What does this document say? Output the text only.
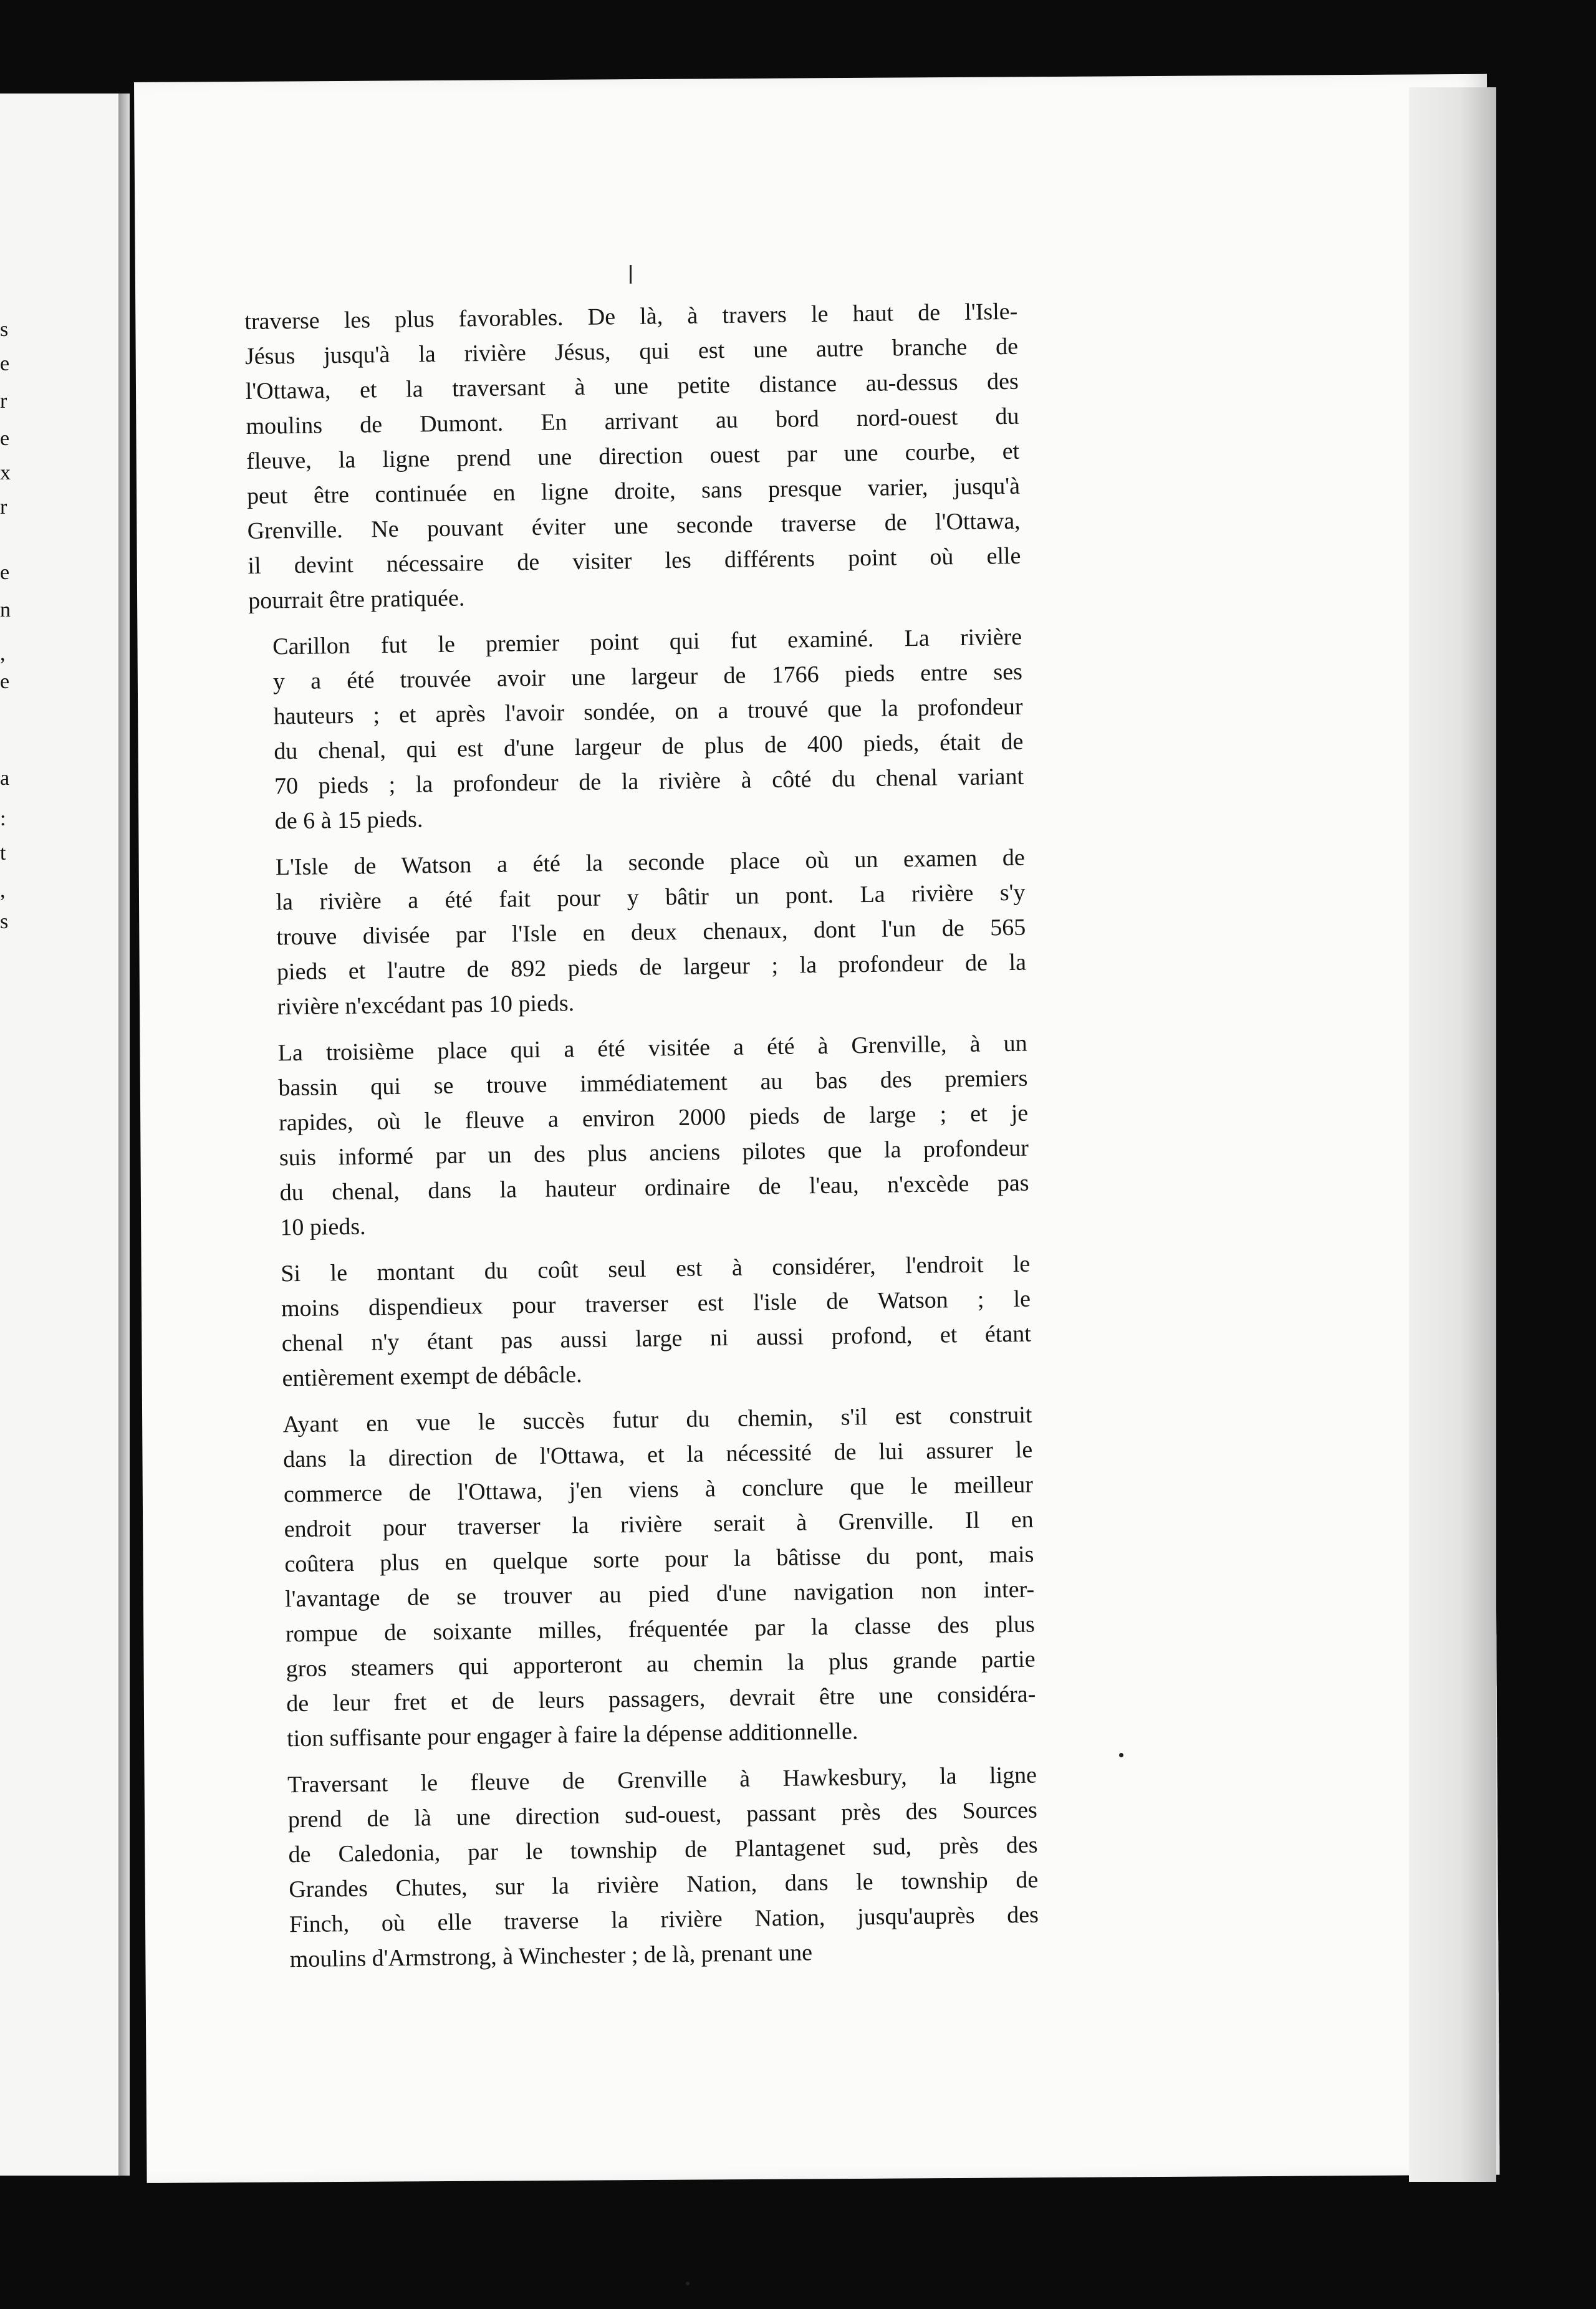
s
e
r
e
x
r
e
n
,
e
a
:
t
,
s
traverse les plus favorables. De là, à travers le haut de l'Isle-
Jésus jusqu'à la rivière Jésus, qui est une autre branche de
l'Ottawa, et la traversant à une petite distance au-dessus des
moulins de Dumont. En arrivant au bord nord-ouest du
fleuve, la ligne prend une direction ouest par une courbe, et
peut être continuée en ligne droite, sans presque varier, jusqu'à
Grenville. Ne pouvant éviter une seconde traverse de l'Ottawa,
il devint nécessaire de visiter les différents point où elle
pourrait être pratiquée.
Carillon fut le premier point qui fut examiné. La rivière
y a été trouvée avoir une largeur de 1766 pieds entre ses
hauteurs ; et après l'avoir sondée, on a trouvé que la profondeur
du chenal, qui est d'une largeur de plus de 400 pieds, était de
70 pieds ; la profondeur de la rivière à côté du chenal variant
de 6 à 15 pieds.
L'Isle de Watson a été la seconde place où un examen de
la rivière a été fait pour y bâtir un pont. La rivière s'y
trouve divisée par l'Isle en deux chenaux, dont l'un de 565
pieds et l'autre de 892 pieds de largeur ; la profondeur de la
rivière n'excédant pas 10 pieds.
La troisième place qui a été visitée a été à Grenville, à un
bassin qui se trouve immédiatement au bas des premiers
rapides, où le fleuve a environ 2000 pieds de large ; et je
suis informé par un des plus anciens pilotes que la profondeur
du chenal, dans la hauteur ordinaire de l'eau, n'excède pas
10 pieds.
Si le montant du coût seul est à considérer, l'endroit le
moins dispendieux pour traverser est l'isle de Watson ; le
chenal n'y étant pas aussi large ni aussi profond, et étant
entièrement exempt de débâcle.
Ayant en vue le succès futur du chemin, s'il est construit
dans la direction de l'Ottawa, et la nécessité de lui assurer le
commerce de l'Ottawa, j'en viens à conclure que le meilleur
endroit pour traverser la rivière serait à Grenville. Il en
coûtera plus en quelque sorte pour la bâtisse du pont, mais
l'avantage de se trouver au pied d'une navigation non inter-
rompue de soixante milles, fréquentée par la classe des plus
gros steamers qui apporteront au chemin la plus grande partie
de leur fret et de leurs passagers, devrait être une considéra-
tion suffisante pour engager à faire la dépense additionnelle.
Traversant le fleuve de Grenville à Hawkesbury, la ligne
prend de là une direction sud-ouest, passant près des Sources
de Caledonia, par le township de Plantagenet sud, près des
Grandes Chutes, sur la rivière Nation, dans le township de
Finch, où elle traverse la rivière Nation, jusqu'auprès des
moulins d'Armstrong, à Winchester ; de là, prenant une
